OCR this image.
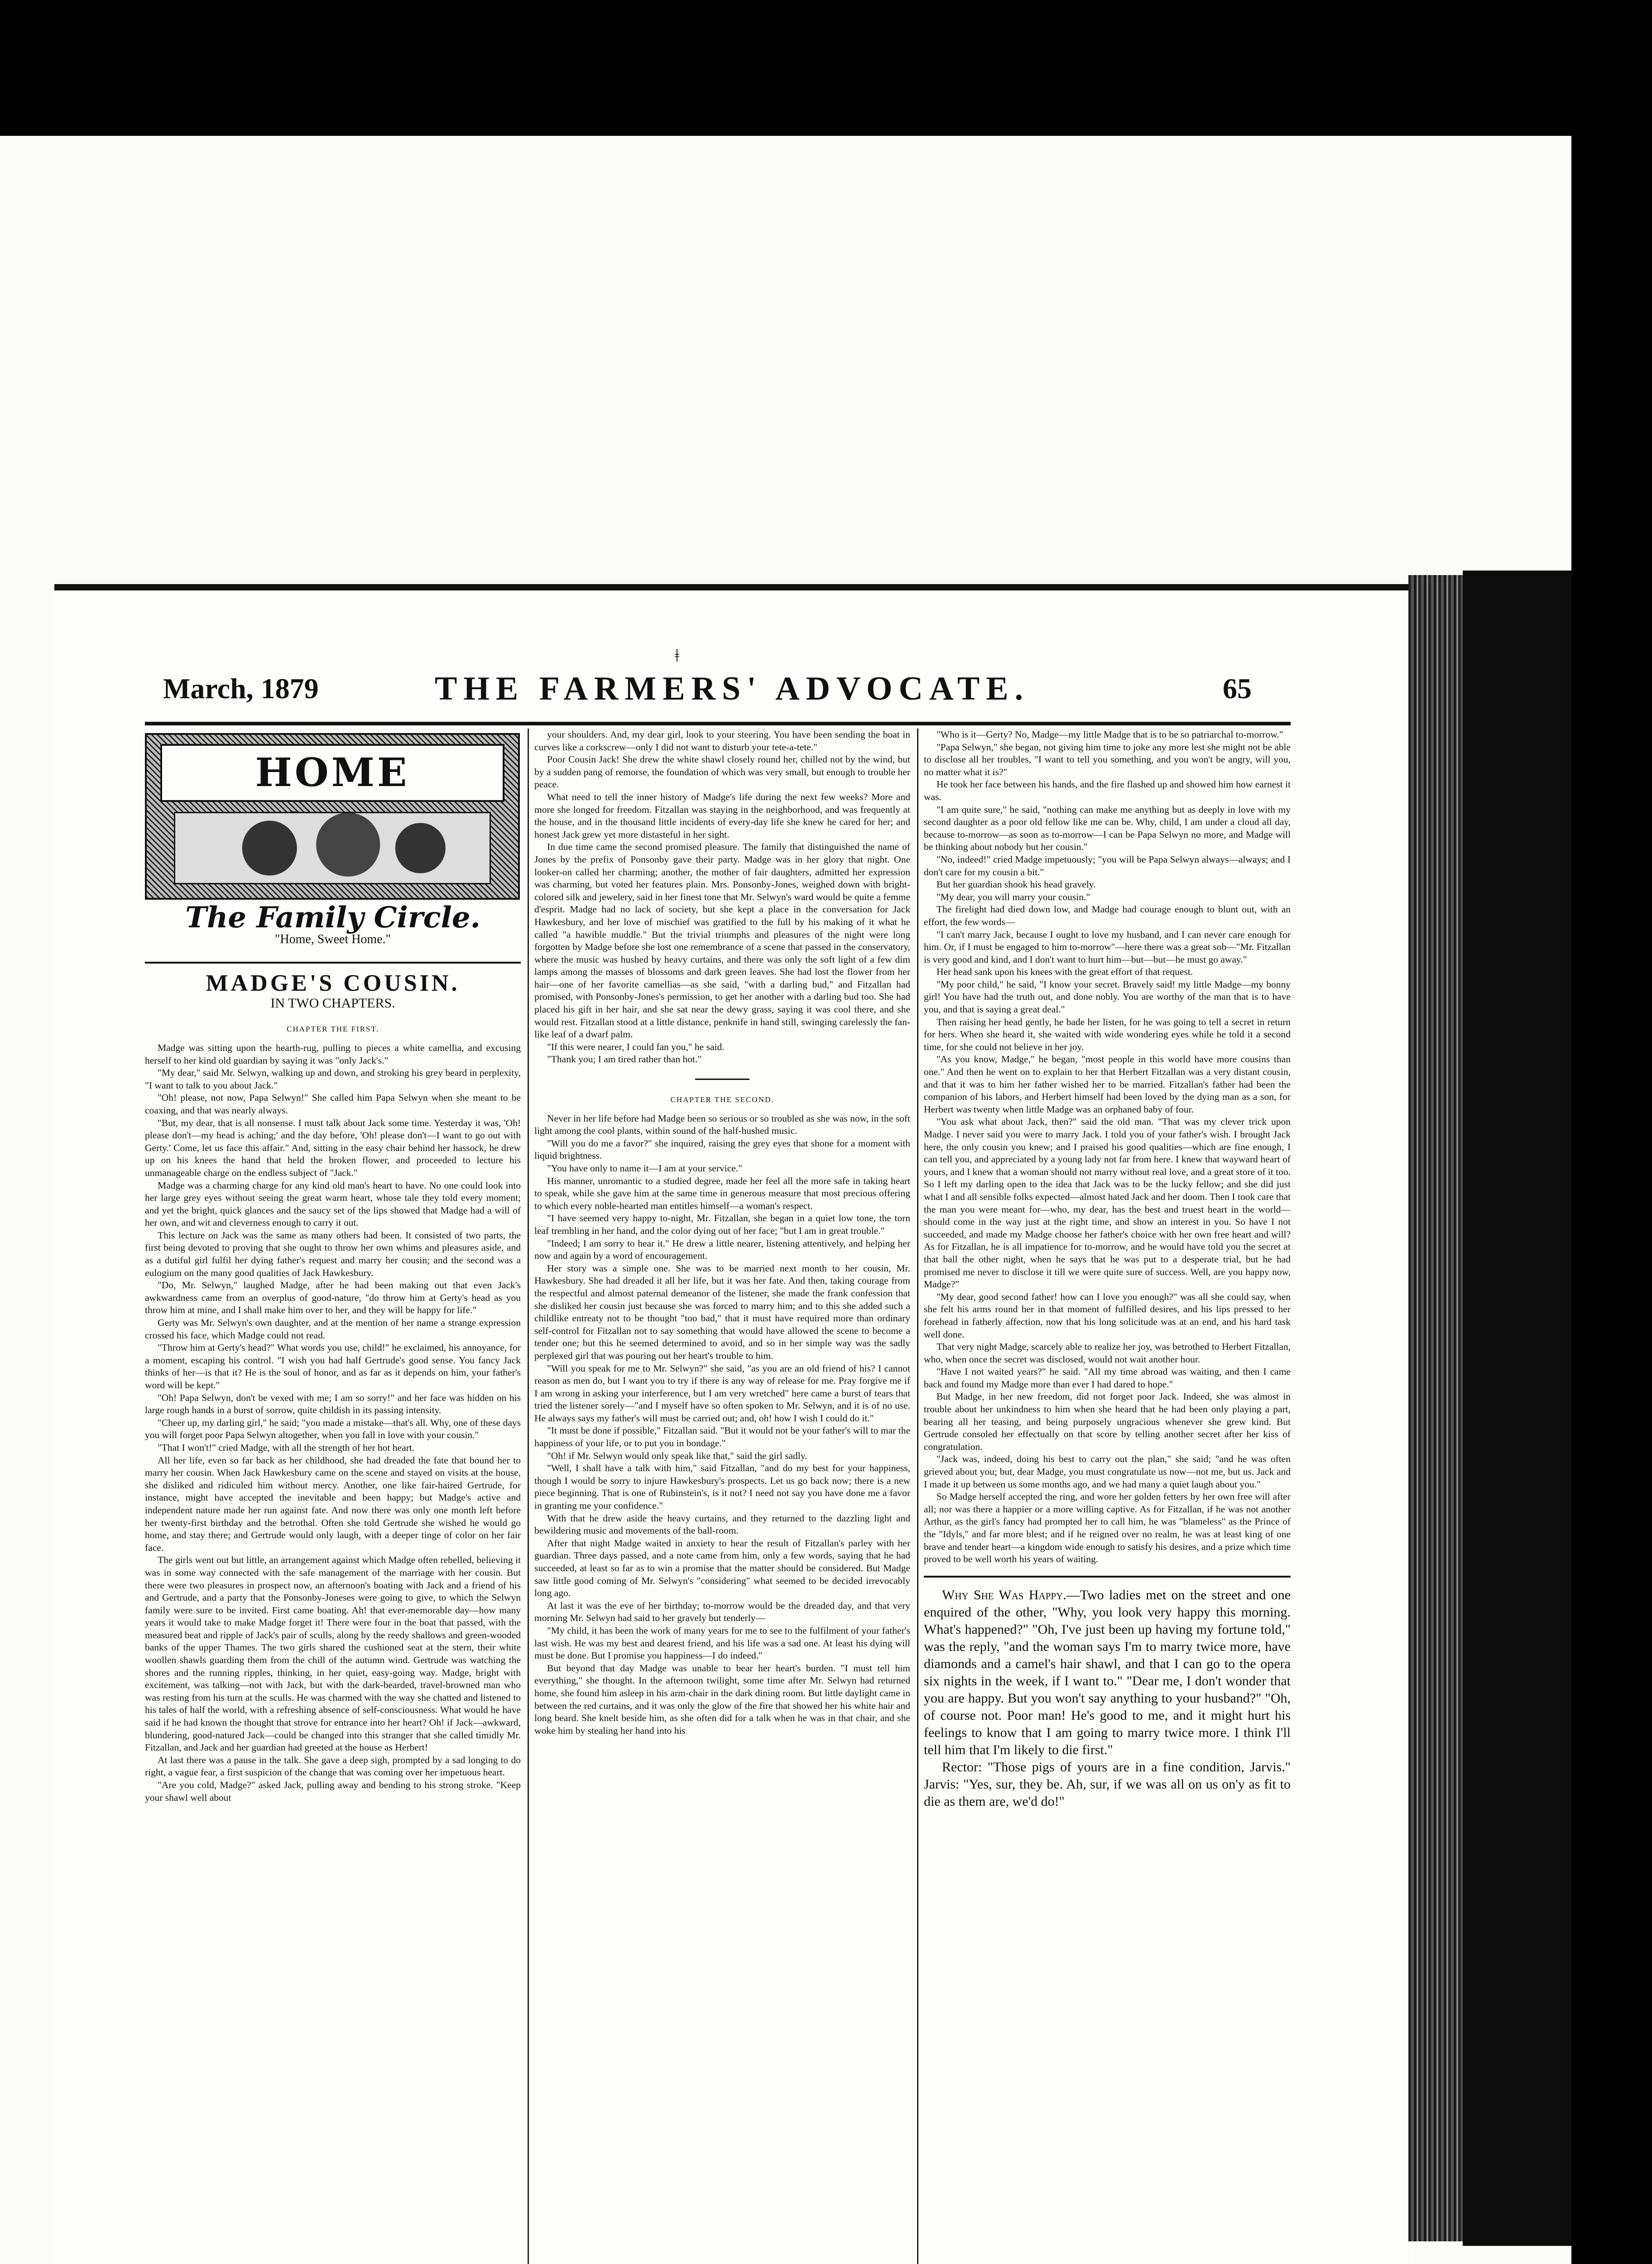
ǂ
March, 1879	THE FARMERS' ADVOCATE.	65
HOME
The Family Circle.
"Home, Sweet Home."
MADGE'S COUSIN.
IN TWO CHAPTERS.
CHAPTER THE FIRST.

Madge was sitting upon the hearth-rug, pulling to pieces a white camellia, and excusing herself to her kind old guardian by saying it was "only Jack's."

"My dear," said Mr. Selwyn, walking up and down, and stroking his grey beard in perplexity, "I want to talk to you about Jack."

"Oh! please, not now, Papa Selwyn!" She called him Papa Selwyn when she meant to be coaxing, and that was nearly always.

"But, my dear, that is all nonsense. I must talk about Jack some time. Yesterday it was, 'Oh! please don't—my head is aching;' and the day before, 'Oh! please don't—I want to go out with Gerty.' Come, let us face this affair." And, sitting in the easy chair behind her hassock, he drew up on his knees the hand that held the broken flower, and proceeded to lecture his unmanageable charge on the endless subject of "Jack."

Madge was a charming charge for any kind old man's heart to have. No one could look into her large grey eyes without seeing the great warm heart, whose tale they told every moment; and yet the bright, quick glances and the saucy set of the lips showed that Madge had a will of her own, and wit and cleverness enough to carry it out.

This lecture on Jack was the same as many others had been. It consisted of two parts, the first being devoted to proving that she ought to throw her own whims and pleasures aside, and as a dutiful girl fulfil her dying father's request and marry her cousin; and the second was a eulogium on the many good qualities of Jack Hawkesbury.

"Do, Mr. Selwyn," laughed Madge, after he had been making out that even Jack's awkwardness came from an overplus of good-nature, "do throw him at Gerty's head as you throw him at mine, and I shall make him over to her, and they will be happy for life."

Gerty was Mr. Selwyn's own daughter, and at the mention of her name a strange expression crossed his face, which Madge could not read.

"Throw him at Gerty's head?" What words you use, child!" he exclaimed, his annoyance, for a moment, escaping his control. "I wish you had half Gertrude's good sense. You fancy Jack thinks of her—is that it? He is the soul of honor, and as far as it depends on him, your father's word will be kept."

"Oh! Papa Selwyn, don't be vexed with me; I am so sorry!" and her face was hidden on his large rough hands in a burst of sorrow, quite childish in its passing intensity.

"Cheer up, my darling girl," he said; "you made a mistake—that's all. Why, one of these days you will forget poor Papa Selwyn altogether, when you fall in love with your cousin."

"That I won't!" cried Madge, with all the strength of her hot heart.

All her life, even so far back as her childhood, she had dreaded the fate that bound her to marry her cousin. When Jack Hawkesbury came on the scene and stayed on visits at the house, she disliked and ridiculed him without mercy. Another, one like fair-haired Gertrude, for instance, might have accepted the inevitable and been happy; but Madge's active and independent nature made her run against fate. And now there was only one month left before her twenty-first birthday and the betrothal. Often she told Gertrude she wished he would go home, and stay there; and Gertrude would only laugh, with a deeper tinge of color on her fair face.

The girls went out but little, an arrangement against which Madge often rebelled, believing it was in some way connected with the safe management of the marriage with her cousin. But there were two pleasures in prospect now, an afternoon's boating with Jack and a friend of his and Gertrude, and a party that the Ponsonby-Joneses were going to give, to which the Selwyn family were sure to be invited. First came boating. Ah! that ever-memorable day—how many years it would take to make Madge forget it! There were four in the boat that passed, with the measured beat and ripple of Jack's pair of sculls, along by the reedy shallows and green-wooded banks of the upper Thames. The two girls shared the cushioned seat at the stern, their white woollen shawls guarding them from the chill of the autumn wind. Gertrude was watching the shores and the running ripples, thinking, in her quiet, easy-going way. Madge, bright with excitement, was talking—not with Jack, but with the dark-bearded, travel-browned man who was resting from his turn at the sculls. He was charmed with the way she chatted and listened to his tales of half the world, with a refreshing absence of self-consciousness. What would he have said if he had known the thought that strove for entrance into her heart? Oh! if Jack—awkward, blundering, good-natured Jack—could be changed into this stranger that she called timidly Mr. Fitzallan, and Jack and her guardian had greeted at the house as Herbert!

At last there was a pause in the talk. She gave a deep sigh, prompted by a sad longing to do right, a vague fear, a first suspicion of the change that was coming over her impetuous heart.

"Are you cold, Madge?" asked Jack, pulling away and bending to his strong stroke. "Keep your shawl well about

your shoulders. And, my dear girl, look to your steering. You have been sending the boat in curves like a corkscrew—only I did not want to disturb your tete-a-tete."

Poor Cousin Jack! She drew the white shawl closely round her, chilled not by the wind, but by a sudden pang of remorse, the foundation of which was very small, but enough to trouble her peace.

What need to tell the inner history of Madge's life during the next few weeks? More and more she longed for freedom. Fitzallan was staying in the neighborhood, and was frequently at the house, and in the thousand little incidents of every-day life she knew he cared for her; and honest Jack grew yet more distasteful in her sight.

In due time came the second promised pleasure. The family that distinguished the name of Jones by the prefix of Ponsonby gave their party. Madge was in her glory that night. One looker-on called her charming; another, the mother of fair daughters, admitted her expression was charming, but voted her features plain. Mrs. Ponsonby-Jones, weighed down with bright-colored silk and jewelery, said in her finest tone that Mr. Selwyn's ward would be quite a femme d'esprit. Madge had no lack of society, but she kept a place in the conversation for Jack Hawkesbury, and her love of mischief was gratified to the full by his making of it what he called "a hawible muddle." But the trivial triumphs and pleasures of the night were long forgotten by Madge before she lost one remembrance of a scene that passed in the conservatory, where the music was hushed by heavy curtains, and there was only the soft light of a few dim lamps among the masses of blossoms and dark green leaves. She had lost the flower from her hair—one of her favorite camellias—as she said, "with a darling bud," and Fitzallan had promised, with Ponsonby-Jones's permission, to get her another with a darling bud too. She had placed his gift in her hair, and she sat near the dewy grass, saying it was cool there, and she would rest. Fitzallan stood at a little distance, penknife in hand still, swinging carelessly the fan-like leaf of a dwarf palm.

"If this were nearer, I could fan you," he said.

"Thank you; I am tired rather than hot."

CHAPTER THE SECOND.

Never in her life before had Madge been so serious or so troubled as she was now, in the soft light among the cool plants, within sound of the half-hushed music.

"Will you do me a favor?" she inquired, raising the grey eyes that shone for a moment with liquid brightness.

"You have only to name it—I am at your service."

His manner, unromantic to a studied degree, made her feel all the more safe in taking heart to speak, while she gave him at the same time in generous measure that most precious offering to which every noble-hearted man entitles himself—a woman's respect.

"I have seemed very happy to-night, Mr. Fitzallan, she began in a quiet low tone, the torn leaf trembling in her hand, and the color dying out of her face; "but I am in great trouble."

"Indeed; I am sorry to hear it." He drew a little nearer, listening attentively, and helping her now and again by a word of encouragement.

Her story was a simple one. She was to be married next month to her cousin, Mr. Hawkesbury. She had dreaded it all her life, but it was her fate. And then, taking courage from the respectful and almost paternal demeanor of the listener, she made the frank confession that she disliked her cousin just because she was forced to marry him; and to this she added such a childlike entreaty not to be thought "too bad," that it must have required more than ordinary self-control for Fitzallan not to say something that would have allowed the scene to become a tender one; but this he seemed determined to avoid, and so in her simple way was the sadly perplexed girl that was pouring out her heart's trouble to him.

"Will you speak for me to Mr. Selwyn?" she said, "as you are an old friend of his? I cannot reason as men do, but I want you to try if there is any way of release for me. Pray forgive me if I am wrong in asking your interference, but I am very wretched" here came a burst of tears that tried the listener sorely—"and I myself have so often spoken to Mr. Selwyn, and it is of no use. He always says my father's will must be carried out; and, oh! how I wish I could do it."

"It must be done if possible," Fitzallan said. "But it would not be your father's will to mar the happiness of your life, or to put you in bondage."

"Oh! if Mr. Selwyn would only speak like that," said the girl sadly.

"Well, I shall have a talk with him," said Fitzallan, "and do my best for your happiness, though I would be sorry to injure Hawkesbury's prospects. Let us go back now; there is a new piece beginning. That is one of Rubinstein's, is it not? I need not say you have done me a favor in granting me your confidence."

With that he drew aside the heavy curtains, and they returned to the dazzling light and bewildering music and movements of the ball-room.

After that night Madge waited in anxiety to hear the result of Fitzallan's parley with her guardian. Three days passed, and a note came from him, only a few words, saying that he had succeeded, at least so far as to win a promise that the matter should be considered. But Madge saw little good coming of Mr. Selwyn's "considering" what seemed to be decided irrevocably long ago.

At last it was the eve of her birthday; to-morrow would be the dreaded day, and that very morning Mr. Selwyn had said to her gravely but tenderly—

"My child, it has been the work of many years for me to see to the fulfilment of your father's last wish. He was my best and dearest friend, and his life was a sad one. At least his dying will must be done. But I promise you happiness—I do indeed."

But beyond that day Madge was unable to bear her heart's burden. "I must tell him everything," she thought. In the afternoon twilight, some time after Mr. Selwyn had returned home, she found him asleep in his arm-chair in the dark dining room. But little daylight came in between the red curtains, and it was only the glow of the fire that showed her his white hair and long beard. She knelt beside him, as she often did for a talk when he was in that chair, and she woke him by stealing her hand into his

"Who is it—Gerty? No, Madge—my little Madge that is to be so patriarchal to-morrow."

"Papa Selwyn," she began, not giving him time to joke any more lest she might not be able to disclose all her troubles, "I want to tell you something, and you won't be angry, will you, no matter what it is?"

He took her face between his hands, and the fire flashed up and showed him how earnest it was.

"I am quite sure," he said, "nothing can make me anything but as deeply in love with my second daughter as a poor old fellow like me can be. Why, child, I am under a cloud all day, because to-morrow—as soon as to-morrow—I can be Papa Selwyn no more, and Madge will be thinking about nobody but her cousin."

"No, indeed!" cried Madge impetuously; "you will be Papa Selwyn always—always; and I don't care for my cousin a bit."

But her guardian shook his head gravely.

"My dear, you will marry your cousin."

The firelight had died down low, and Madge had courage enough to blunt out, with an effort, the few words—

"I can't marry Jack, because I ought to love my husband, and I can never care enough for him. Or, if I must be engaged to him to-morrow"—here there was a great sob—"Mr. Fitzallan is very good and kind, and I don't want to hurt him—but—but—he must go away."

Her head sank upon his knees with the great effort of that request.

"My poor child," he said, "I know your secret. Bravely said! my little Madge—my bonny girl! You have had the truth out, and done nobly. You are worthy of the man that is to have you, and that is saying a great deal."

Then raising her head gently, he bade her listen, for he was going to tell a secret in return for hers. When she heard it, she waited with wide wondering eyes while he told it a second time, for she could not believe in her joy.

"As you know, Madge," he began, "most people in this world have more cousins than one." And then he went on to explain to her that Herbert Fitzallan was a very distant cousin, and that it was to him her father wished her to be married. Fitzallan's father had been the companion of his labors, and Herbert himself had been loved by the dying man as a son, for Herbert was twenty when little Madge was an orphaned baby of four.

"You ask what about Jack, then?" said the old man. "That was my clever trick upon Madge. I never said you were to marry Jack. I told you of your father's wish. I brought Jack here, the only cousin you knew; and I praised his good qualities—which are fine enough, I can tell you, and appreciated by a young lady not far from here. I knew that wayward heart of yours, and I knew that a woman should not marry without real love, and a great store of it too. So I left my darling open to the idea that Jack was to be the lucky fellow; and she did just what I and all sensible folks expected—almost hated Jack and her doom. Then I took care that the man you were meant for—who, my dear, has the best and truest heart in the world—should come in the way just at the right time, and show an interest in you. So have I not succeeded, and made my Madge choose her father's choice with her own free heart and will? As for Fitzallan, he is all impatience for to-morrow, and he would have told you the secret at that ball the other night, when he says that he was put to a desperate trial, but he had promised me never to disclose it till we were quite sure of success. Well, are you happy now, Madge?"

"My dear, good second father! how can I love you enough?" was all she could say, when she felt his arms round her in that moment of fulfilled desires, and his lips pressed to her forehead in fatherly affection, now that his long solicitude was at an end, and his hard task well done.

That very night Madge, scarcely able to realize her joy, was betrothed to Herbert Fitzallan, who, when once the secret was disclosed, would not wait another hour.

"Have I not waited years?" he said. "All my time abroad was waiting, and then I came back and found my Madge more than ever I had dared to hope."

But Madge, in her new freedom, did not forget poor Jack. Indeed, she was almost in trouble about her unkindness to him when she heard that he had been only playing a part, bearing all her teasing, and being purposely ungracious whenever she grew kind. But Gertrude consoled her effectually on that score by telling another secret after her kiss of congratulation.

"Jack was, indeed, doing his best to carry out the plan," she said; "and he was often grieved about you; but, dear Madge, you must congratulate us now—not me, but us. Jack and I made it up between us some months ago, and we had many a quiet laugh about you."

So Madge herself accepted the ring, and wore her golden fetters by her own free will after all; nor was there a happier or a more willing captive. As for Fitzallan, if he was not another Arthur, as the girl's fancy had prompted her to call him, he was "blameless" as the Prince of the "Idyls," and far more blest; and if he reigned over no realm, he was at least king of one brave and tender heart—a kingdom wide enough to satisfy his desires, and a prize which time proved to be well worth his years of waiting.

Why She Was Happy.—Two ladies met on the street and one enquired of the other, "Why, you look very happy this morning. What's happened?" "Oh, I've just been up having my fortune told," was the reply, "and the woman says I'm to marry twice more, have diamonds and a camel's hair shawl, and that I can go to the opera six nights in the week, if I want to." "Dear me, I don't wonder that you are happy. But you won't say anything to your husband?" "Oh, of course not. Poor man! He's good to me, and it might hurt his feelings to know that I am going to marry twice more. I think I'll tell him that I'm likely to die first."

Rector: "Those pigs of yours are in a fine condition, Jarvis." Jarvis: "Yes, sur, they be. Ah, sur, if we was all on us on'y as fit to die as them are, we'd do!"
